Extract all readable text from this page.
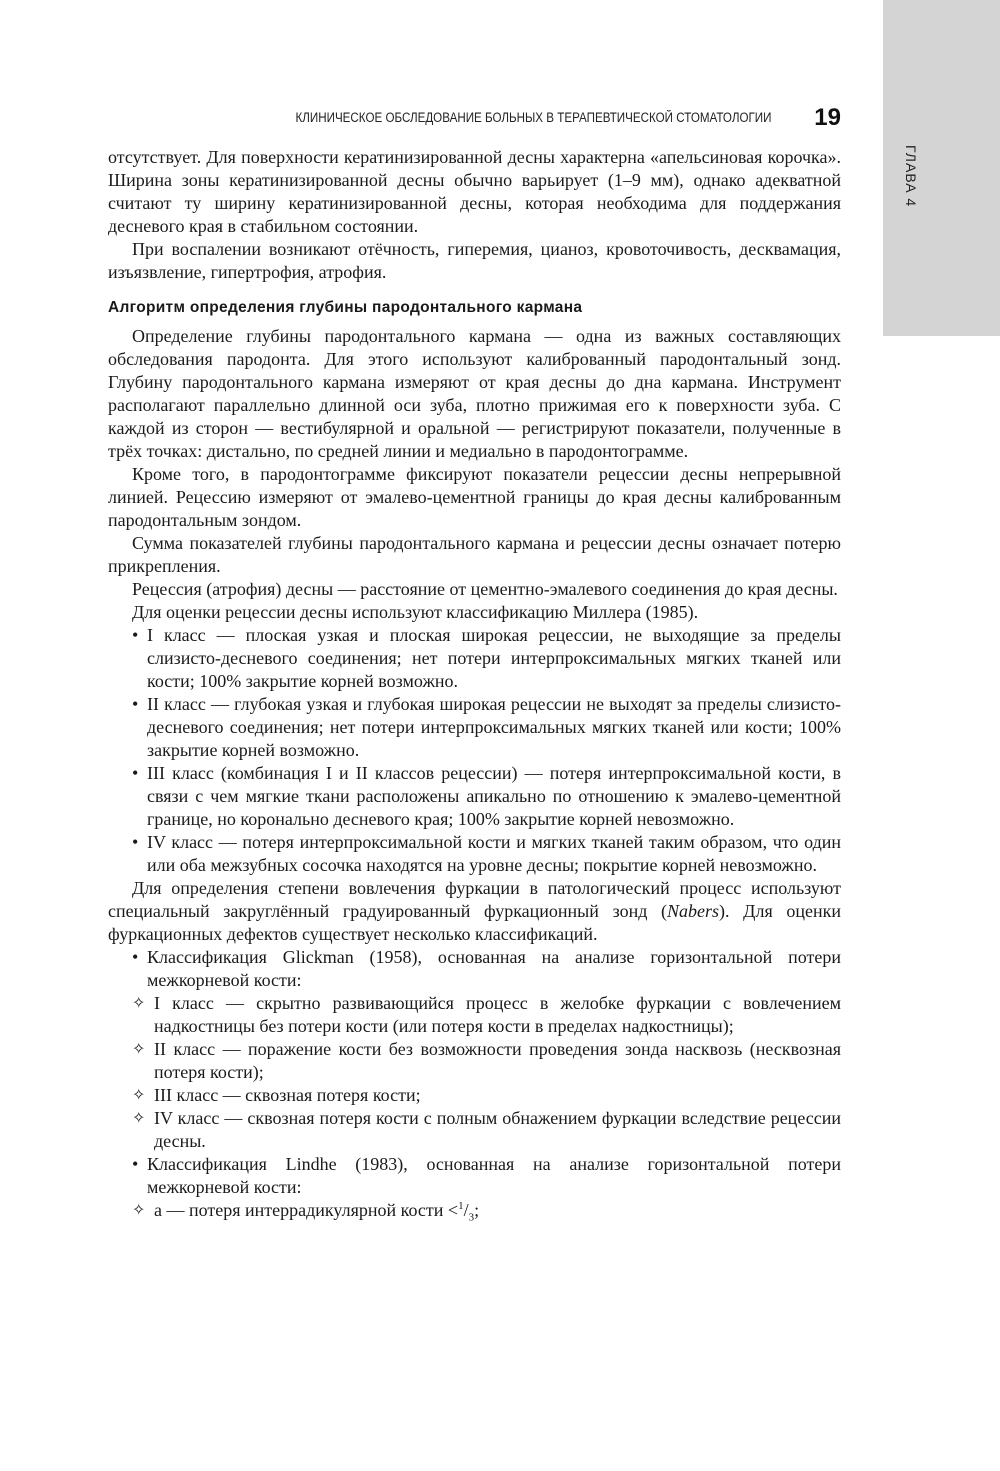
ГЛАВА 4
КЛИНИЧЕСКОЕ ОБСЛЕДОВАНИЕ БОЛЬНЫХ В ТЕРАПЕВТИЧЕСКОЙ СТОМАТОЛОГИИ 19

отсутствует. Для поверхности кератинизированной десны характерна «апельсиновая корочка». Ширина зоны кератинизированной десны обычно варьирует (1–9 мм), однако адекватной считают ту ширину кератинизированной десны, которая необходима для поддержания десневого края в стабильном состоянии.

При воспалении возникают отёчность, гиперемия, цианоз, кровоточивость, десквамация, изъязвление, гипертрофия, атрофия.

Алгоритм определения глубины пародонтального кармана

Определение глубины пародонтального кармана — одна из важных составляющих обследования пародонта. Для этого используют калиброванный пародонтальный зонд. Глубину пародонтального кармана измеряют от края десны до дна кармана. Инструмент располагают параллельно длинной оси зуба, плотно прижимая его к поверхности зуба. С каждой из сторон — вестибулярной и оральной — регистрируют показатели, полученные в трёх точках: дистально, по средней линии и медиально в пародонтограмме.

Кроме того, в пародонтограмме фиксируют показатели рецессии десны непрерывной линией. Рецессию измеряют от эмалево-цементной границы до края десны калиброванным пародонтальным зондом.

Сумма показателей глубины пародонтального кармана и рецессии десны означает потерю прикрепления.

Рецессия (атрофия) десны — расстояние от цементно-эмалевого соединения до края десны.

Для оценки рецессии десны используют классификацию Миллера (1985).

• I класс — плоская узкая и плоская широкая рецессии, не выходящие за пределы слизисто-десневого соединения; нет потери интерпроксимальных мягких тканей или кости; 100% закрытие корней возможно.
• II класс — глубокая узкая и глубокая широкая рецессии не выходят за пределы слизисто-десневого соединения; нет потери интерпроксимальных мягких тканей или кости; 100% закрытие корней возможно.
• III класс (комбинация I и II классов рецессии) — потеря интерпроксимальной кости, в связи с чем мягкие ткани расположены апикально по отношению к эмалево-цементной границе, но коронально десневого края; 100% закрытие корней невозможно.
• IV класс — потеря интерпроксимальной кости и мягких тканей таким образом, что один или оба межзубных сосочка находятся на уровне десны; покрытие корней невозможно.

Для определения степени вовлечения фуркации в патологический процесс используют специальный закруглённый градуированный фуркационный зонд (Nabers). Для оценки фуркационных дефектов существует несколько классификаций.

• Классификация Glickman (1958), основанная на анализе горизонтальной потери межкорневой кости:
✧ I класс — скрытно развивающийся процесс в желобке фуркации с вовлечением надкостницы без потери кости (или потеря кости в пределах надкостницы);
✧ II класс — поражение кости без возможности проведения зонда насквозь (несквозная потеря кости);
✧ III класс — сквозная потеря кости;
✧ IV класс — сквозная потеря кости с полным обнажением фуркации вследствие рецессии десны.
• Классификация Lindhe (1983), основанная на анализе горизонтальной потери межкорневой кости:
✧ а — потеря интеррадикулярной кости $<^1/_3$;
